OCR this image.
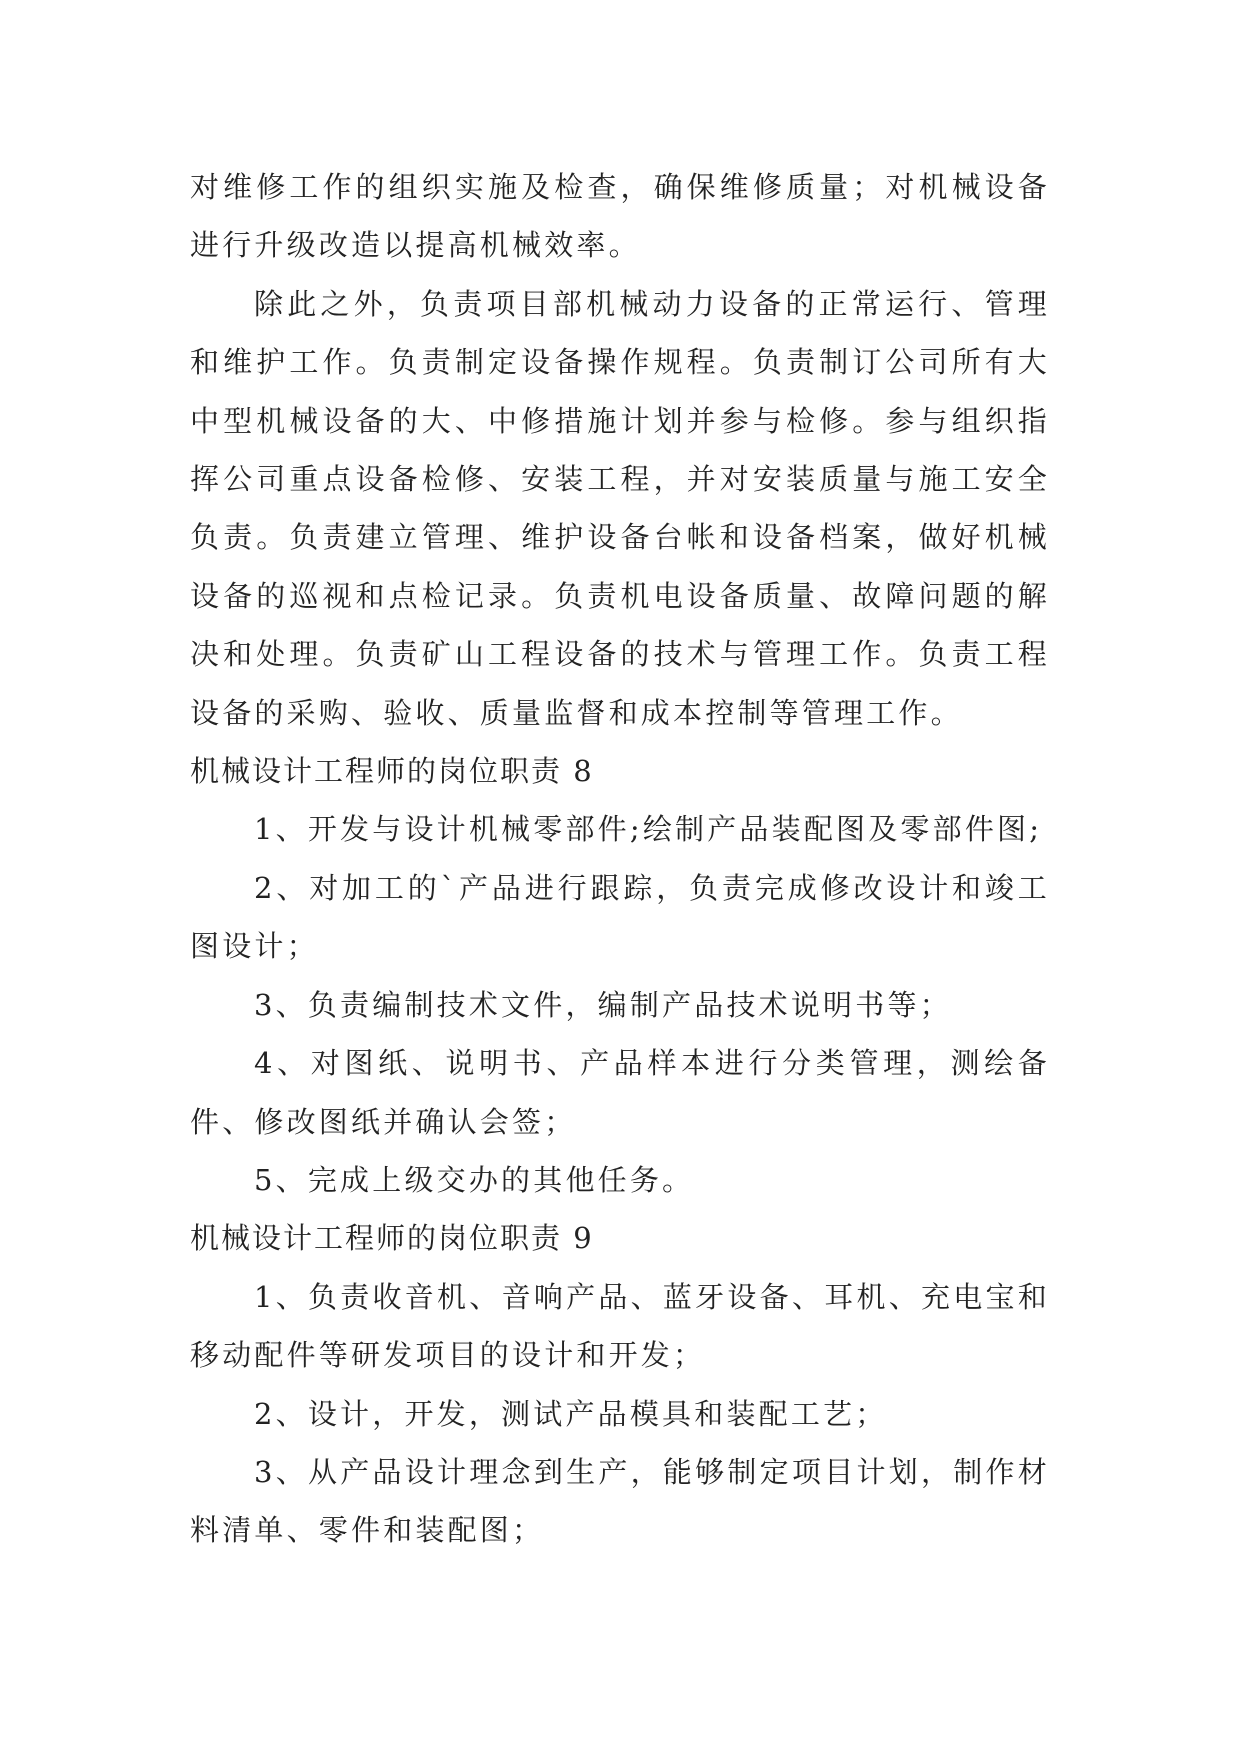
对维修工作的组织实施及检查，确保维修质量；对机械设备进行升级改造以提高机械效率。

除此之外，负责项目部机械动力设备的正常运行、管理和维护工作。负责制定设备操作规程。负责制订公司所有大中型机械设备的大、中修措施计划并参与检修。参与组织指挥公司重点设备检修、安装工程，并对安装质量与施工安全负责。负责建立管理、维护设备台帐和设备档案，做好机械设备的巡视和点检记录。负责机电设备质量、故障问题的解决和处理。负责矿山工程设备的技术与管理工作。负责工程设备的采购、验收、质量监督和成本控制等管理工作。

机械设计工程师的岗位职责 8

1、开发与设计机械零部件;绘制产品装配图及零部件图;

2、对加工的`产品进行跟踪，负责完成修改设计和竣工图设计；

3、负责编制技术文件，编制产品技术说明书等；

4、对图纸、说明书、产品样本进行分类管理，测绘备件、修改图纸并确认会签；

5、完成上级交办的其他任务。

机械设计工程师的岗位职责 9

1、负责收音机、音响产品、蓝牙设备、耳机、充电宝和移动配件等研发项目的设计和开发；

2、设计，开发，测试产品模具和装配工艺；

3、从产品设计理念到生产，能够制定项目计划，制作材料清单、零件和装配图；
